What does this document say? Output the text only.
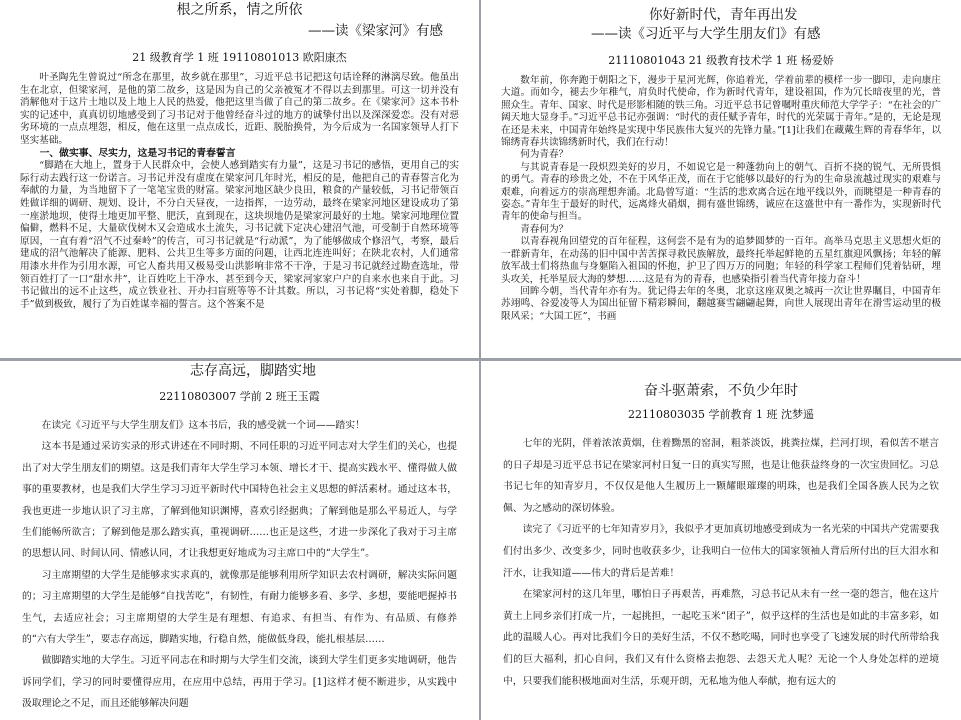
根之所系，情之所依
——读《梁家河》有感
21 级教育学 1 班 19110801013 欧阳康杰

叶圣陶先生曾说过“所念在那里，故乡就在那里”，习近平总书记把这句话诠释的淋漓尽致。他虽出生在北京，但梁家河，是他的第二故乡，这是因为自己的父亲被冤才不得以去到那里。可这一切并没有消解他对于这片土地以及上地上人民的热爱，他把这里当做了自己的第二故乡。在《梁家河》这本书朴实的记述中，真真切切地感受到了习书记对于他曾经奋斗过的地方的诚挚付出以及深深爱恋。没有对惡劣环境的一点点埋怨，相反，他在这里一点点成长，近距、脱胎换骨，为今后成为一名国家领导人打下坚实基础。

一、做实事、尽实力，这是习书记的青春誓言

“脚踏在大地上，置身于人民群众中，会使人感到踏实有力量”，这是习书记的感悟，更用自己的实际行动去践行这一份诺言。习书记并没有虚度在梁家河几年时光，相反的是，他把自己的青春誓言化为奉献的力量，为当地留下了一笔笔宝贵的财富。梁家河地区缺少良田，粮食的产量较低，习书记带领百姓做详细的调研、规划、设计，不分白天昼夜，一边指挥，一边劳动，最终在梁家河地区建设成功了第一座淤地坝，使得土地更加平整、肥沃，直到现在，这块坝地仍是梁家河最好的土地。梁家河地理位置偏僻，燃料不足，大量砍伐树木又会造成水土流失，习书记就下定决心建沼气池，可受制于自然环境等原因，一直有着“沼气不过秦岭”的传言，可习书记就是“行动派”，为了能够做成个修沼气，考察，最后建成的沼气池解决了能源、肥料、公共卫生等多方面的问题，让西北连连叫好；在陕北农村，人们通常用漆水井作为引用水源，可它人畜共用又极易受山洪影响非常不干净，于是习书记就经过勘查选址，带领百姓打了一口“甜水井”，让百姓吃上干净水，甚至到今天，梁家河家家户户的自来水也来自于此。习书记做出的远不止这些，成立铁业社、开办扫盲班等等不计其数。所以，习书记将“实处着脚，稳处下手”做到极致，履行了为百姓谋幸福的誓言。这个答案不是

你好新时代，青年再出发
——读《习近平与大学生朋友们》有感
21110801043 21 级教育技术学 1 班 杨爱娇

数年前，你奔跑于朝阳之下，漫步于星河光辉，你追着光，学着前辈的模样一步一脚印，走向康庄大道。而如今，褪去少年稚气，肩负时代使命，作为新时代青年，建设祖国，作为冗长暗夜里的光，普照众生。青年、国家、时代是形影相随的铁三角。习近平总书记曾嘱咐重庆师范大学学子：“在社会的广阔天地大显身手。”习近平总书记亦强调：“时代的责任赋予青年，时代的光荣属于青年。”是的，无论是现在还是未来，中国青年始终是实现中华民族伟大复兴的先锋力量。”[1]让我们在藏戴生辉的青春华年，以锦绣青春共读锦绣新时代，我们在行动！

何为青春？

与其说青春是一段炽烈美好的岁月，不如说它是一种蓬勃向上的朝气、百折不挠的锐气、无所畏惧的勇气。青春的珍贵之处，不在于风华正茂，而在于它能够以最好的行为的生命泉流越过现实的艰难与艰难，向着远方的崇高理想奔涌。北島曾写道：“生活的悲欢离合远在地平线以外，而眺望是一种青春的姿态。”青年生于最好的时代，远离烽火硝烟，拥有盛世锦绣，诚应在这盛世中有一番作为，实现新时代青年的使命与担当。

青春何为？

以青春视角回望党的百年征程，这何尝不是有为的追梦圆梦的一百年。高举马克思主义思想火炬的一群新青年，在动荡的旧中国中苦苦探寻救民族解放，最终托举起鲜艳的五星红旗迎风飘扬；年轻的解放军战士们将热血与身躯陷入祖国的怀抱，护卫了四万万的同胞；年轻的科学家工程师们凭着钻研，埋头攻关，托举星辰大海的梦想……这是有为的青春，也感染指引着当代青年接力奋斗！

回眸今朝，当代青年亦有为。犹记得去年的冬奥，北京这座双奥之城再一次让世界瞩目，中国青年苏翊鸣、谷爱凌等人为国出征留下精彩瞬间，翻越赛雪翩翩起舞，向世人展现出青年在滑雪运动里的极限风采；“大国工匠”，书画

志存高远，脚踏实地
22110803007 学前 2 班王玉霞

在读完《习近平与大学生朋友们》这本书后，我的感受就一个词——踏实！

这本书是通过采访实录的形式讲述在不同时期、不同任职的习近平同志对大学生们的关心，也提出了对大学生朋友们的期望。这是我们青年大学生学习本领、增长才干、提高实践水平、懂得做人做事的重要教材，也是我们大学生学习习近平新时代中国特色社会主义思想的鲜活素材。通过这本书，我也更进一步地认识了习主席，了解到他知识渊博，喜欢引经据典；了解到他是那么平易近人，与学生们能畅所欲言；了解到他是那么踏实真，重视调研……也正是这些，才进一步深化了我对于习主席的思想认同、时间认同、情感认同，才让我想更好地成为习主席口中的“大学生”。

习主席期望的大学生是能够求实求真的，就像那是能够利用所学知识去农村调研，解决实际问题的；习主席期望的大学生是能够“自找苦吃”，有韧性，有耐力能够多看、多学、多想，要能吧握掉书生气，去适应社会；习主席期望的大学生是有理想、有追求、有担当、有作为、有品质、有修养的“六有大学生”，要志存高远，脚踏实地，行稳自然，能做低身段，能扎根基层……

做脚踏实地的大学生。习近平同志在和时期与大学生们交流，谈到大学生们更多实地调研，他告诉同学们，学习的同时要懂得应用，在应用中总结，再用于学习。[1]这样才便不断进步，从实践中汲取理论之不足，而且还能够解决问题

奋斗驱萧索，不负少年时
22110803035 学前教育 1 班 沈梦遥

七年的光阴，伴着浓浓黄烟，住着黝黑的窑洞，粗茶淡饭，挑粪拉煤，拦河打坝，看似苦不堪言的日子却是习近平总书记在梁家河村日复一日的真实写照，也是让他获益终身的一次宝贵回忆。习总书记七年的知青岁月，不仅仅是他人生履历上一颗耀眼璀璨的明珠，也是我们全国各族人民为之钦佩、为之感动的深切体验。

读完了《习近平的七年知青岁月》，我似乎才更加真切地感受到成为一名光荣的中国共产党需要我们付出多少、改变多少，同时也收获多少，让我明白一位伟大的国家领袖人背后所付出的巨大泪水和汗水，让我知道——伟大的背后是苦难！

在梁家河村的这几年里，哪怕日子再艰苦，再难熬，习总书记从未有一丝一毫的怨言，他在这片黄土上同乡亲们打成一片，一起挑担，一起吃玉米“团子”，似乎这样的生活也是如此的丰富多彩，如此的温暖人心。再对比我们今日的美好生活，不仅不愁吃喝，同时也享受了飞速发展的时代所带给我们的巨大福利，扪心自问，我们又有什么资格去抱怨、去怨天尤人呢？无论一个人身处怎样的逆境中，只要我们能积极地面对生活，乐观开朗，无私地为他人奉献，抱有远大的
